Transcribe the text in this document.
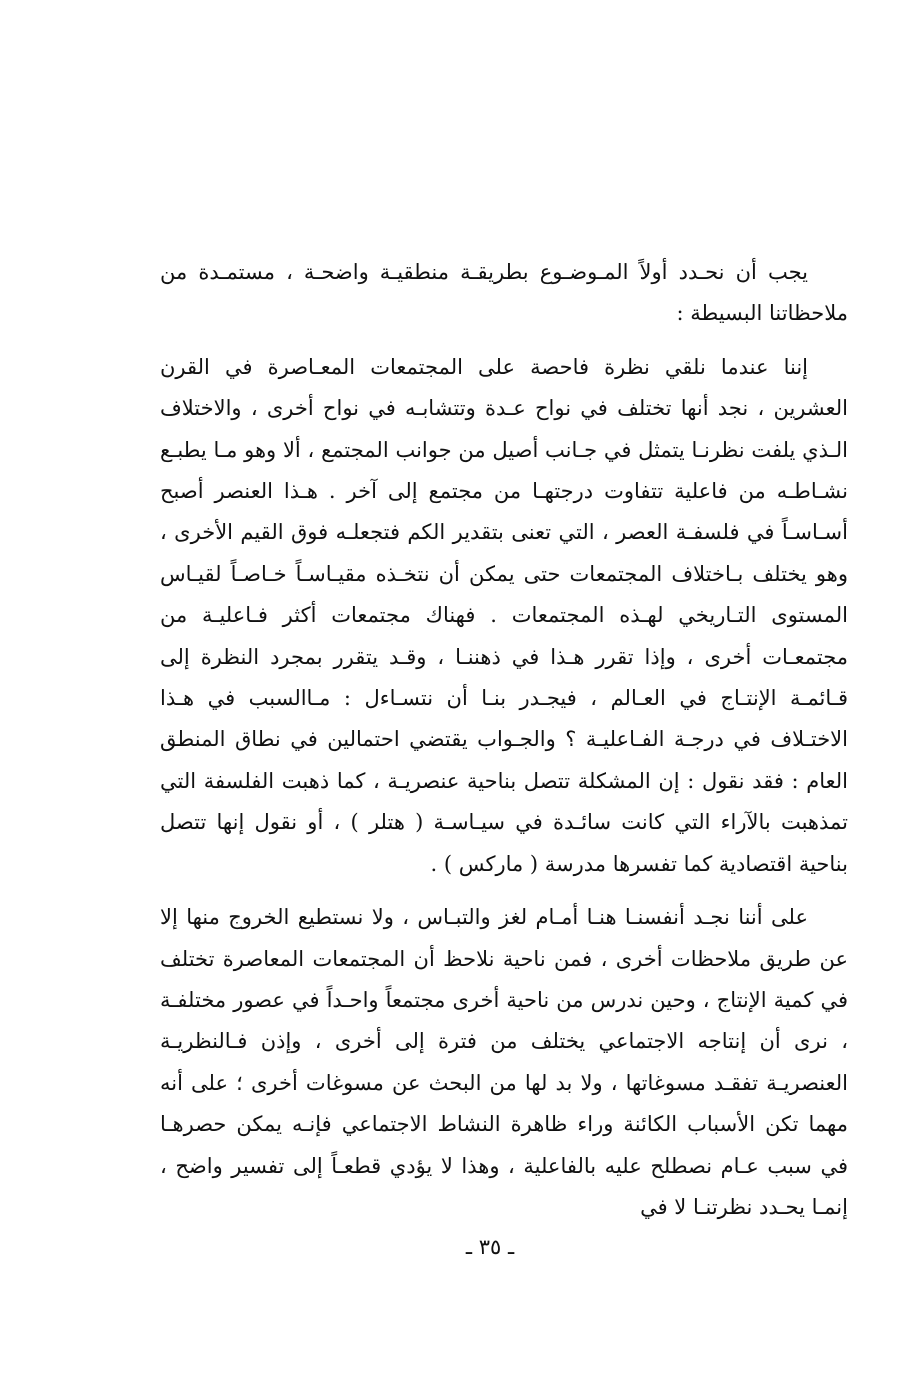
يجب أن نحـدد أولاً المـوضـوع بطريقـة منطقيـة واضحـة ، مستمـدة من ملاحظاتنا البسيطة :

إننا عندما نلقي نظرة فاحصة على المجتمعات المعـاصرة في القرن العشرين ، نجد أنها تختلف في نواح عـدة وتتشابـه في نواح أخرى ، والاختلاف الـذي يلفت نظرنـا يتمثل في جـانب أصيل من جوانب المجتمع ، ألا وهو مـا يطبـع نشـاطـه من فاعلية تتفاوت درجتهـا من مجتمع إلى آخر . هـذا العنصر أصبح أسـاسـاً في فلسفـة العصر ، التي تعنى بتقدير الكم فتجعلـه فوق القيم الأخرى ، وهو يختلف بـاختلاف المجتمعات حتى يمكن أن نتخـذه مقيـاسـاً خـاصـاً لقيـاس المستوى التـاريخي لهـذه المجتمعات . فهناك مجتمعات أكثر فـاعليـة من مجتمعـات أخرى ، وإذا تقرر هـذا في ذهننـا ، وقـد يتقرر بمجرد النظرة إلى قـائمـة الإنتـاج في العـالم ، فيجـدر بنـا أن نتسـاءل : مـاالسبب في هـذا الاختـلاف في درجـة الفـاعليـة ؟ والجـواب يقتضي احتمالين في نطاق المنطق العام : فقد نقول : إن المشكلة تتصل بناحية عنصريـة ، كما ذهبت الفلسفة التي تمذهبت بالآراء التي كانت سائـدة في سيـاسـة ( هتلر ) ، أو نقول إنها تتصل بناحية اقتصادية كما تفسرها مدرسة ( ماركس ) .

على أننا نجـد أنفسنـا هنـا أمـام لغز والتبـاس ، ولا نستطيع الخروج منها إلا عن طريق ملاحظات أخرى ، فمن ناحية نلاحظ أن المجتمعات المعاصرة تختلف في كمية الإنتاج ، وحين ندرس من ناحية أخرى مجتمعاً واحـداً في عصور مختلفـة ، نرى أن إنتاجه الاجتماعي يختلف من فترة إلى أخرى ، وإذن فـالنظريـة العنصريـة تفقـد مسوغاتها ، ولا بد لها من البحث عن مسوغات أخرى ؛ على أنه مهما تكن الأسباب الكائنة وراء ظاهرة النشاط الاجتماعي فإنـه يمكن حصرهـا في سبب عـام نصطلح عليه بالفاعلية ، وهذا لا يؤدي قطعـاً إلى تفسير واضح ، إنمـا يحـدد نظرتنـا لا في

ـ ٣٥ ـ
